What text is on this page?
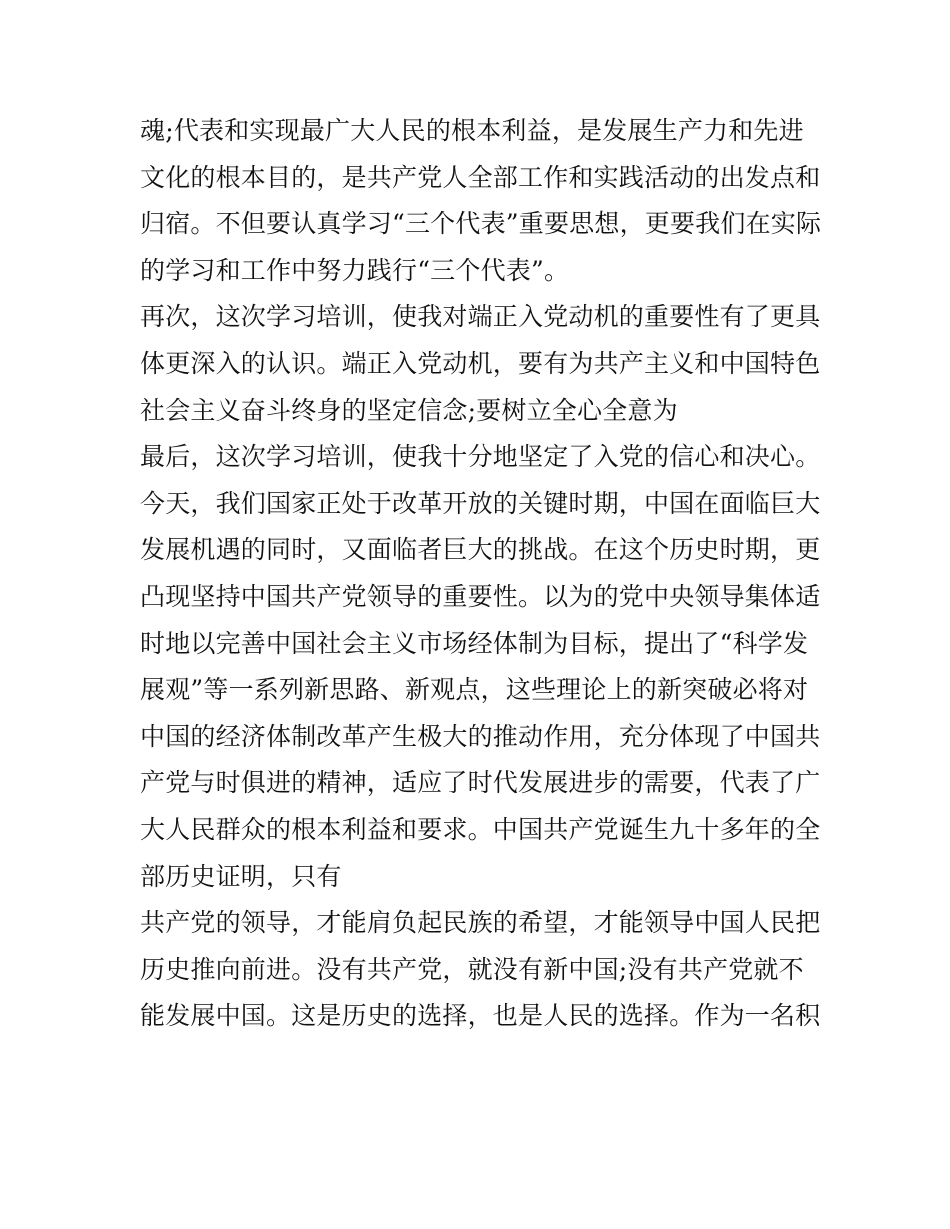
魂;代表和实现最广大人民的根本利益，是发展生产力和先进
文化的根本目的，是共产党人全部工作和实践活动的出发点和
归宿。不但要认真学习“三个代表”重要思想，更要我们在实际
的学习和工作中努力践行“三个代表”。
再次，这次学习培训，使我对端正入党动机的重要性有了更具
体更深入的认识。端正入党动机，要有为共产主义和中国特色
社会主义奋斗终身的坚定信念;要树立全心全意为
最后，这次学习培训，使我十分地坚定了入党的信心和决心。
今天，我们国家正处于改革开放的关键时期，中国在面临巨大
发展机遇的同时，又面临者巨大的挑战。在这个历史时期，更
凸现坚持中国共产党领导的重要性。以为的党中央领导集体适
时地以完善中国社会主义市场经体制为目标，提出了“科学发
展观”等一系列新思路、新观点，这些理论上的新突破必将对
中国的经济体制改革产生极大的推动作用，充分体现了中国共
产党与时俱进的精神，适应了时代发展进步的需要，代表了广
大人民群众的根本利益和要求。中国共产党诞生九十多年的全
部历史证明，只有
共产党的领导，才能肩负起民族的希望，才能领导中国人民把
历史推向前进。没有共产党，就没有新中国;没有共产党就不
能发展中国。这是历史的选择，也是人民的选择。作为一名积
